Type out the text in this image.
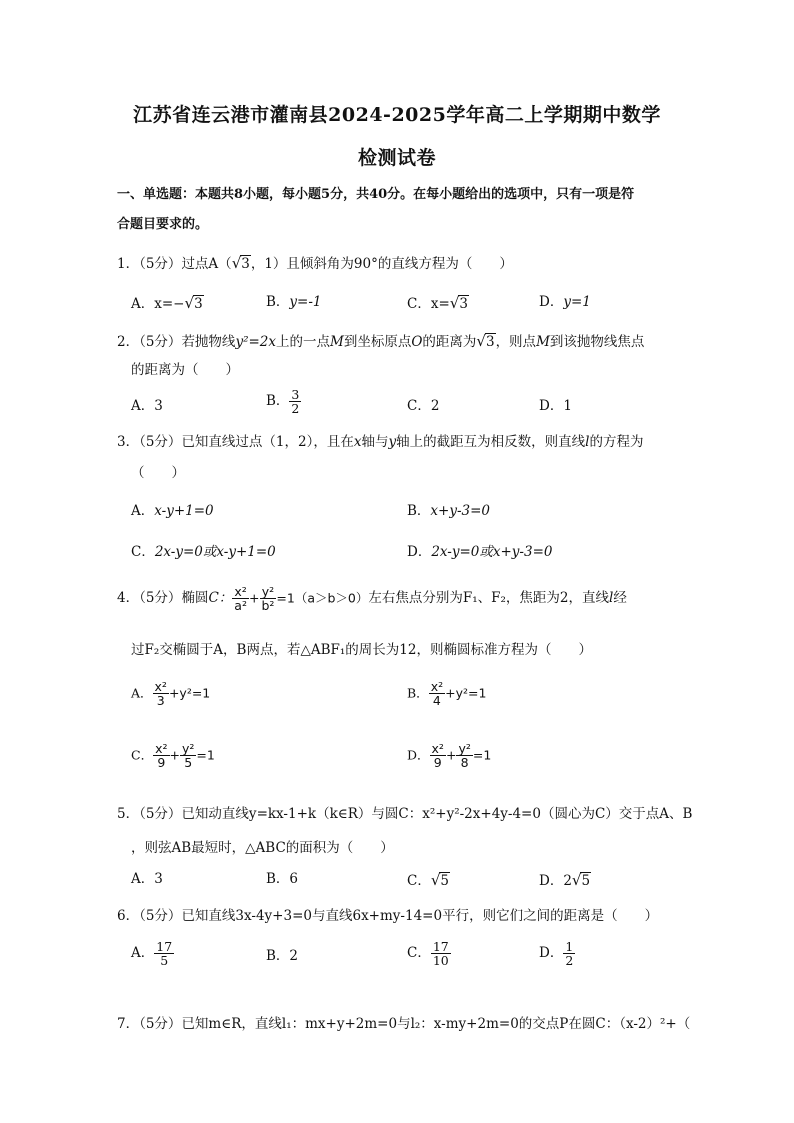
江苏省连云港市灌南县2024-2025学年高二上学期期中数学
检测试卷
一、单选题：本题共8小题，每小题5分，共40分。在每小题给出的选项中，只有一项是符
合题目要求的。
1．（5分）过点A（√3，1）且倾斜角为90°的直线方程为（　　）
A．x=−√3	B．y=-1	C．x=√3	D．y=1
2．（5分）若抛物线y²=2x上的一点M到坐标原点O的距离为√3，则点M到该抛物线焦点
的距离为（　　）
A．3	B． $\frac{3}{2}$	C．2	D．1
3．（5分）已知直线过点（1，2），且在x轴与y轴上的截距互为相反数，则直线l的方程为
（　　）
A．x-y+1=0	B．x+y-3=0
C．2x-y=0或x-y+1=0	D．2x-y=0或x+y-3=0
4．（5分）椭圆C： $\frac{\text{x²}}{\text{a²}} + \frac{\text{y²}}{\text{b²}} =1(a>b>0)$左右焦点分别为F₁、F₂，焦距为2，直线l经
过F₂交椭圆于A，B两点，若△ABF₁的周长为12，则椭圆标准方程为（　　）
A． $\frac{\text{x²}}{3} +y^2=1$	B． $\frac{\text{x²}}{4} +y^2=1$
C． $\frac{\text{x²}}{9} + \frac{\text{y²}}{5} =1$	D． $\frac{\text{x²}}{9} + \frac{\text{y²}}{8} =1$
5．（5分）已知动直线y=kx-1+k（k∈R）与圆C：x²+y²-2x+4y-4=0（圆心为C）交于点A、B
，则弦AB最短时，△ABC的面积为（　　）
A．3	B．6	C．√5	D．2√5
6．（5分）已知直线3x-4y+3=0与直线6x+my-14=0平行，则它们之间的距离是（　　）
A． $\frac{17}{5}$	B．2	C． $\frac{17}{10}$	D． $\frac{1}{2}$
7．（5分）已知m∈R，直线l₁：mx+y+2m=0与l₂：x-my+2m=0的交点P在圆C：（x-2）²+（
